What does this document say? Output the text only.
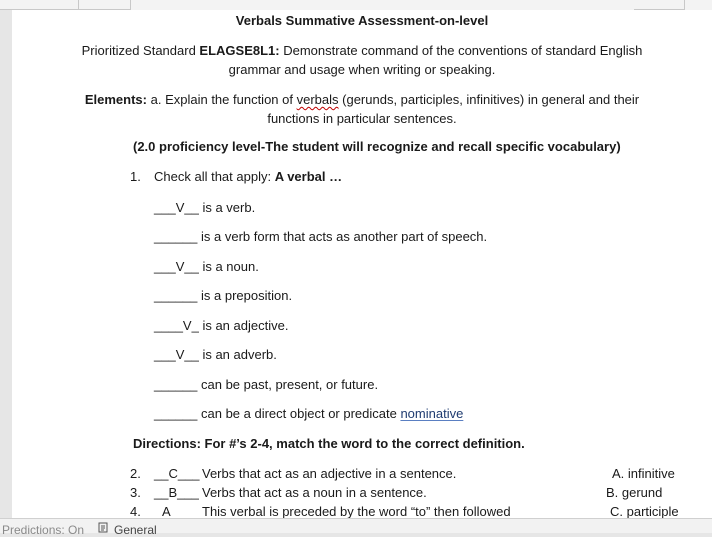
Verbals Summative Assessment-on-level
Prioritized Standard ELAGSE8L1: Demonstrate command of the conventions of standard English
grammar and usage when writing or speaking.
Elements: a. Explain the function of verbals (gerunds, participles, infinitives) in general and their
functions in particular sentences.
(2.0 proficiency level-The student will recognize and recall specific vocabulary)
1. Check all that apply: A verbal …
___V__ is a verb.
______ is a verb form that acts as another part of speech.
___V__ is a noun.
______ is a preposition.
____V_ is an adjective.
___V__ is an adverb.
______ can be past, present, or future.
______ can be a direct object or predicate nominative
Directions: For #’s 2-4, match the word to the correct definition.
2. __C___ Verbs that act as an adjective in a sentence.	A. infinitive
3. __B___ Verbs that act as a noun in a sentence.	B. gerund
4. A This verbal is preceded by the word “to” then followed	C. participle
Predictions: On General
